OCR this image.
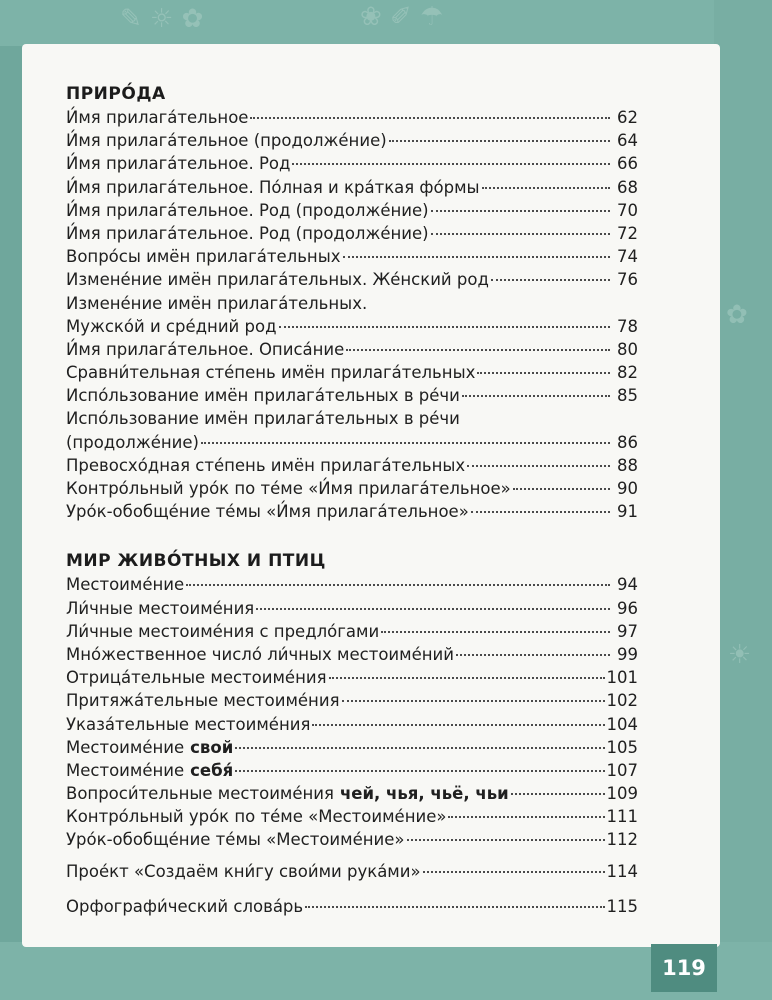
✎ ☼ ✿	❀ ✐ ☂
✿
☀
ПРИРО́ДА
И́мя прилага́тельное	62
И́мя прилага́тельное (продолже́ние)	64
И́мя прилага́тельное. Род	66
И́мя прилага́тельное. По́лная и кра́ткая фо́рмы	68
И́мя прилага́тельное. Род (продолже́ние)	70
И́мя прилага́тельное. Род (продолже́ние)	72
Вопро́сы имён прилага́тельных	74
Измене́ние имён прилага́тельных. Же́нский род	76
Измене́ние имён прилага́тельных.
Мужско́й и сре́дний род	78
И́мя прилага́тельное. Описа́ние	80
Сравни́тельная сте́пень имён прилага́тельных	82
Испо́льзование имён прилага́тельных в ре́чи	85
Испо́льзование имён прилага́тельных в ре́чи
(продолже́ние)	86
Превосхо́дная сте́пень имён прилага́тельных	88
Контро́льный уро́к по те́ме «И́мя прилага́тельное»	90
Уро́к-обобще́ние те́мы «И́мя прилага́тельное»	91
МИР ЖИВО́ТНЫХ И ПТИЦ
Местоиме́ние	94
Ли́чные местоиме́ния	96
Ли́чные местоиме́ния с предло́гами	97
Мно́жественное число́ ли́чных местоиме́ний	99
Отрица́тельные местоиме́ния	101
Притяжа́тельные местоиме́ния	102
Указа́тельные местоиме́ния	104
Местоиме́ние свой	105
Местоиме́ние себя́	107
Вопроси́тельные местоиме́ния чей, чья, чьё, чьи	109
Контро́льный уро́к по те́ме «Местоиме́ние»	111
Уро́к-обобще́ние те́мы «Местоиме́ние»	112
Прое́кт «Создаём кни́гу свои́ми рука́ми»	114
Орфографи́ческий слова́рь	115
119
